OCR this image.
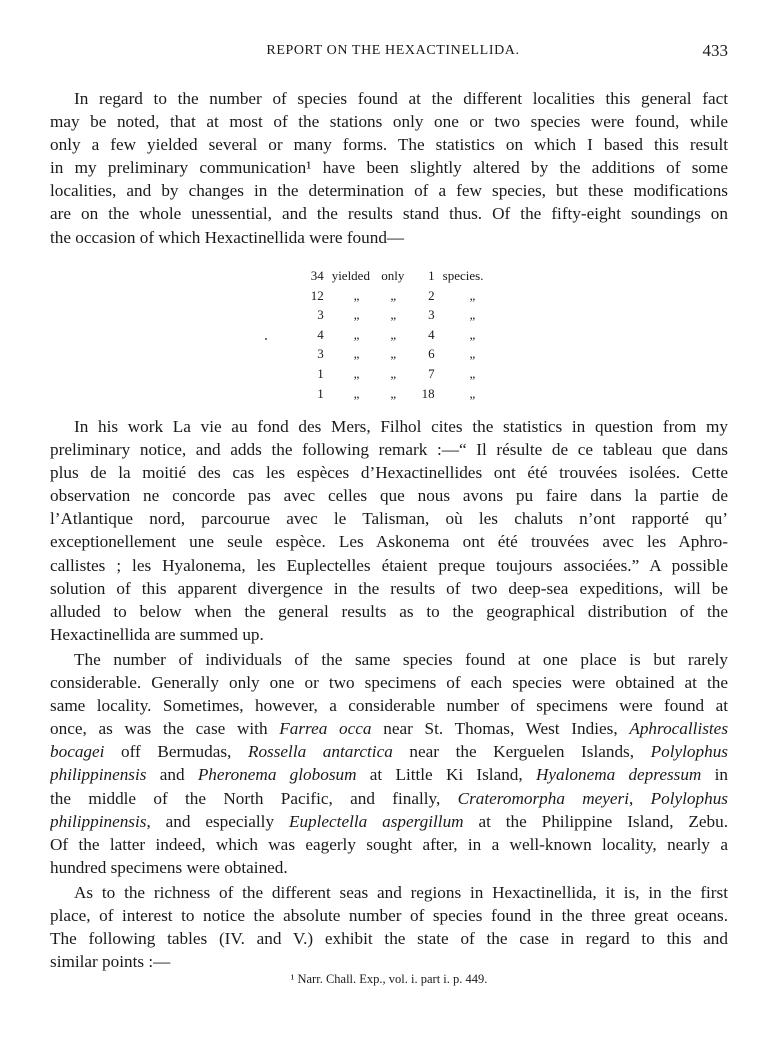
REPORT ON THE HEXACTINELLIDA.	433
In regard to the number of species found at the different localities this general fact
may be noted, that at most of the stations only one or two species were found, while
only a few yielded several or many forms. The statistics on which I based this result
in my preliminary communication¹ have been slightly altered by the additions of some
localities, and by changes in the determination of a few species, but these modifications
are on the whole unessential, and the results stand thus. Of the fifty-eight soundings on
the occasion of which Hexactinellida were found—
34	yielded	only	1	species.
12	„	„	2	„
3	„	„	3	„
4	„	„	4	„
3	„	„	6	„
1	„	„	7	„
1	„	„	18	„
In his work La vie au fond des Mers, Filhol cites the statistics in question from my
preliminary notice, and adds the following remark :—“ Il résulte de ce tableau que dans
plus de la moitié des cas les espèces d’Hexactinellides ont été trouvées isolées. Cette
observation ne concorde pas avec celles que nous avons pu faire dans la partie de
l’Atlantique nord, parcourue avec le Talisman, où les chaluts n’ont rapporté qu’
exceptionellement une seule espèce. Les Askonema ont été trouvées avec les Aphro-
callistes ; les Hyalonema, les Euplectelles étaient preque toujours associées.” A possible
solution of this apparent divergence in the results of two deep-sea expeditions, will be
alluded to below when the general results as to the geographical distribution of the
Hexactinellida are summed up.
The number of individuals of the same species found at one place is but rarely
considerable. Generally only one or two specimens of each species were obtained at the
same locality. Sometimes, however, a considerable number of specimens were found at
once, as was the case with Farrea occa near St. Thomas, West Indies, Aphrocallistes
bocagei off Bermudas, Rossella antarctica near the Kerguelen Islands, Polylophus
philippinensis and Pheronema globosum at Little Ki Island, Hyalonema depressum in
the middle of the North Pacific, and finally, Crateromorpha meyeri, Polylophus
philippinensis, and especially Euplectella aspergillum at the Philippine Island, Zebu.
Of the latter indeed, which was eagerly sought after, in a well-known locality, nearly a
hundred specimens were obtained.
As to the richness of the different seas and regions in Hexactinellida, it is, in the first
place, of interest to notice the absolute number of species found in the three great oceans.
The following tables (IV. and V.) exhibit the state of the case in regard to this and
similar points :—
¹ Narr. Chall. Exp., vol. i. part i. p. 449.
